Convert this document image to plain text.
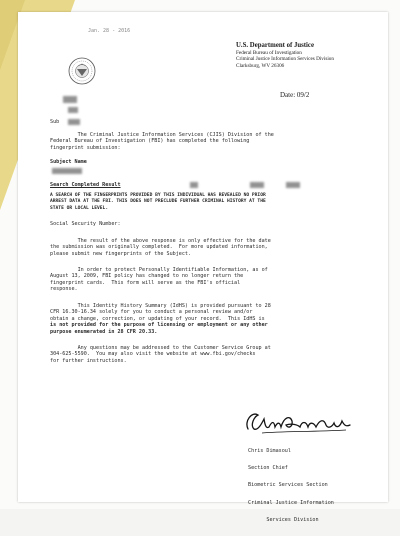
Jan. 28 - 2016
U.S. Department of Justice
Federal Bureau of Investigation
Criminal Justice Information Services Division
Clarksburg, WV 26306
Date: 09/2
Sub
The Criminal Justice Information Services (CJIS) Division of the
Federal Bureau of Investigation (FBI) has completed the following
fingerprint submission:
Subject Name
Search Completed Result
A SEARCH OF THE FINGERPRINTS PROVIDED BY THIS INDIVIDUAL HAS REVEALED NO PRIOR
ARREST DATA AT THE FBI. THIS DOES NOT PRECLUDE FURTHER CRIMINAL HISTORY AT THE
STATE OR LOCAL LEVEL.
Social Security Number:
The result of the above response is only effective for the date
the submission was originally completed.  For more updated information,
please submit new fingerprints of the Subject.
In order to protect Personally Identifiable Information, as of
August 13, 2009, FBI policy has changed to no longer return the
fingerprint cards.  This form will serve as the FBI's official
response.
This Identity History Summary (IdHS) is provided pursuant to 28
CFR 16.30-16.34 solely for you to conduct a personal review and/or
obtain a change, correction, or updating of your record.  This IdHS is
is not provided for the purpose of licensing or employment or any other
purpose enumerated in 28 CFR 20.33.
Any questions may be addressed to the Customer Service Group at
304-625-5590.  You may also visit the website at www.fbi.gov/checks
for further instructions.

Chris Dimasoul

Section Chief

Biometric Services Section

Criminal Justice Information

Services Division
